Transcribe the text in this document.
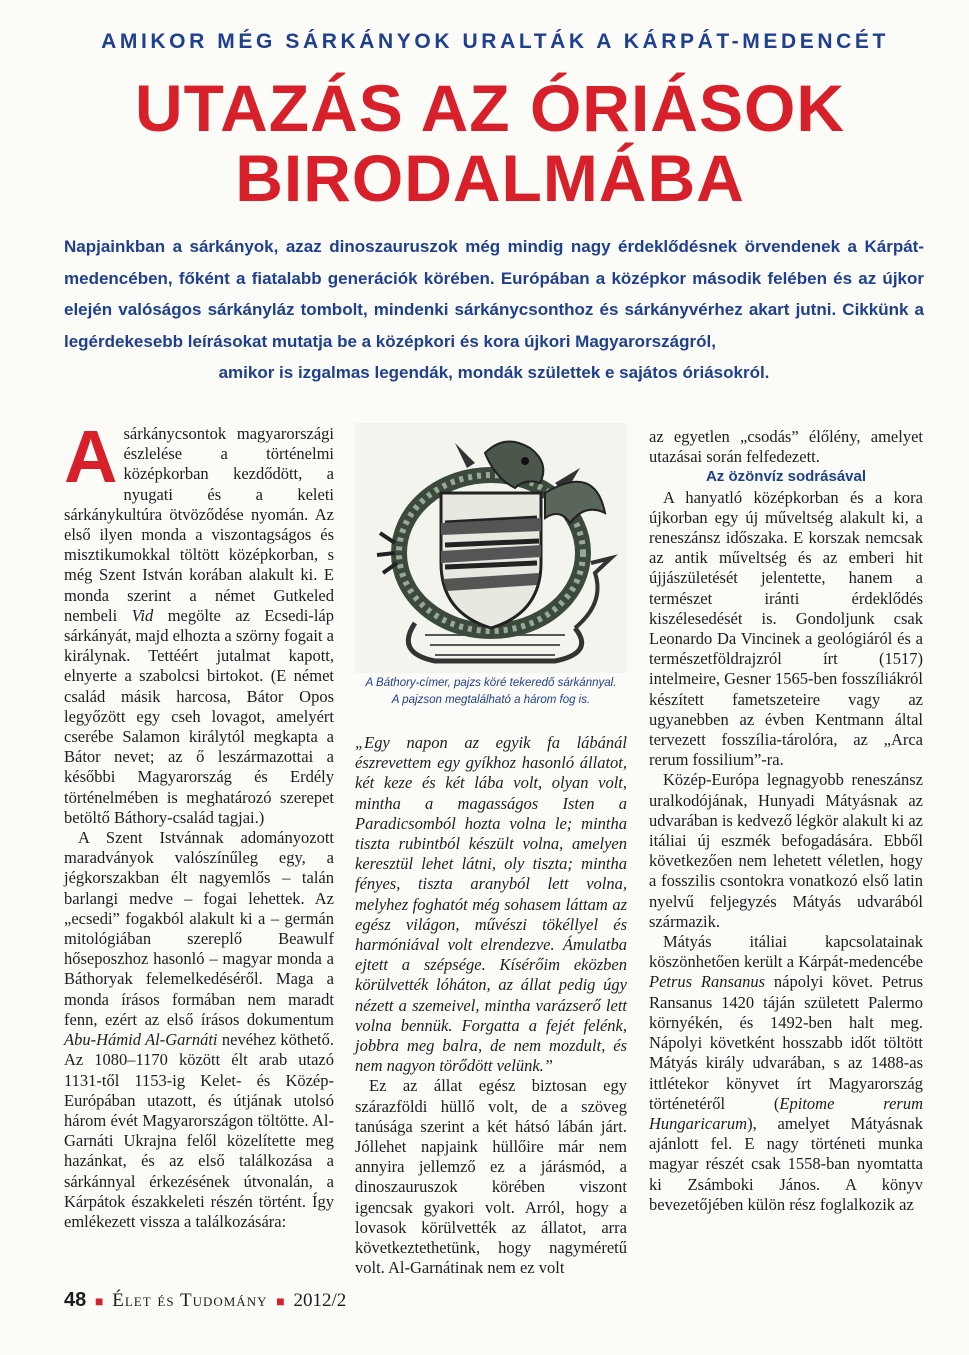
AMIKOR MÉG SÁRKÁNYOK URALTÁK A KÁRPÁT-MEDENCÉT
UTAZÁS AZ ÓRIÁSOK
BIRODALMÁBA
Napjainkban a sárkányok, azaz dinoszauruszok még mindig nagy érdeklődésnek örvendenek a Kárpát-medencében, főként a fiatalabb generációk körében. Európában a középkor második felében és az újkor elején valóságos sárkányláz tombolt, mindenki sárkánycsonthoz és sárkányvérhez akart jutni. Cikkünk a legérdekesebb leírásokat mutatja be a középkori és kora újkori Magyarországról,
amikor is izgalmas legendák, mondák születtek e sajátos óriásokról.

A sárkánycsontok magyarországi észlelése a történelmi középkorban kezdődött, a nyugati és a keleti sárkánykultúra ötvöződése nyomán. Az első ilyen monda a viszontagságos és misztikumokkal töltött középkorban, s még Szent István korában alakult ki. E monda szerint a német Gutkeled nembeli Vid megölte az Ecsedi-láp sárkányát, majd elhozta a szörny fogait a királynak. Tettéért jutalmat kapott, elnyerte a szabolcsi birtokot. (E német család másik harcosa, Bátor Opos legyőzött egy cseh lovagot, amelyért cserébe Salamon királytól megkapta a Bátor nevet; az ő leszármazottai a későbbi Magyarország és Erdély történelmében is meghatározó szerepet betöltő Báthory-család tagjai.)

A Szent Istvánnak adományozott maradványok valószínűleg egy, a jégkorszakban élt nagyemlős – talán barlangi medve – fogai lehettek. Az „ecsedi” fogakból alakult ki a – germán mitológiában szereplő Beawulf hőseposzhoz hasonló – magyar monda a Báthoryak felemelkedéséről. Maga a monda írásos formában nem maradt fenn, ezért az első írásos dokumentum Abu-Hámid Al-Garnáti nevéhez köthető. Az 1080–1170 között élt arab utazó 1131-től 1153-ig Kelet- és Közép-Európában utazott, és útjának utolsó három évét Magyarországon töltötte. Al-Garnáti Ukrajna felől közelítette meg hazánkat, és az első találkozása a sárkánnyal érkezésének útvonalán, a Kárpátok északkeleti részén történt. Így emlékezett vissza a találkozására:

A Báthory-címer, pajzs köré tekeredő sárkánnyal.
A pajzson megtalálható a három fog is.

„Egy napon az egyik fa lábánál észrevettem egy gyíkhoz hasonló állatot, két keze és két lába volt, olyan volt, mintha a magasságos Isten a Paradicsomból hozta volna le; mintha tiszta rubintból készült volna, amelyen keresztül lehet látni, oly tiszta; mintha fényes, tiszta aranyból lett volna, melyhez foghatót még sohasem láttam az egész világon, művészi tökéllyel és harmóniával volt elrendezve. Ámulatba ejtett a szépsége. Kísérőim eközben körülvették lóháton, az állat pedig úgy nézett a szemeivel, mintha varázserő lett volna bennük. Forgatta a fejét felénk, jobbra meg balra, de nem mozdult, és nem nagyon törődött velünk.”

Ez az állat egész biztosan egy szárazföldi hüllő volt, de a szöveg tanúsága szerint a két hátsó lábán járt. Jóllehet napjaink hüllőire már nem annyira jellemző ez a járásmód, a dinoszauruszok körében viszont igencsak gyakori volt. Arról, hogy a lovasok körülvették az állatot, arra következtethetünk, hogy nagyméretű volt. Al-Garnátinak nem ez volt

az egyetlen „csodás” élőlény, amelyet utazásai során felfedezett.

Az özönvíz sodrásával

A hanyatló középkorban és a kora újkorban egy új műveltség alakult ki, a reneszánsz időszaka. E korszak nemcsak az antik műveltség és az emberi hit újjászületését jelentette, hanem a természet iránti érdeklődés kiszélesedését is. Gondoljunk csak Leonardo Da Vincinek a geológiáról és a természetföldrajzról írt (1517) intelmeire, Gesner 1565-ben fosszíliákról készített fametszeteire vagy az ugyanebben az évben Kentmann által tervezett fosszília-tárolóra, az „Arca rerum fossilium”-ra.

Közép-Európa legnagyobb reneszánsz uralkodójának, Hunyadi Mátyásnak az udvarában is kedvező légkör alakult ki az itáliai új eszmék befogadására. Ebből következően nem lehetett véletlen, hogy a fosszilis csontokra vonatkozó első latin nyelvű feljegyzés Mátyás udvarából származik.

Mátyás itáliai kapcsolatainak köszönhetően került a Kárpát-medencébe Petrus Ransanus nápolyi követ. Petrus Ransanus 1420 táján született Palermo környékén, és 1492-ben halt meg. Nápolyi követként hosszabb időt töltött Mátyás király udvarában, s az 1488-as ittlétekor könyvet írt Magyarország történetéről (Epitome rerum Hungaricarum), amelyet Mátyásnak ajánlott fel. E nagy történeti munka magyar részét csak 1558-ban nyomtatta ki Zsámboki János. A könyv bevezetőjében külön rész foglalkozik az

48 ■ Élet és Tudomány ■ 2012/2
